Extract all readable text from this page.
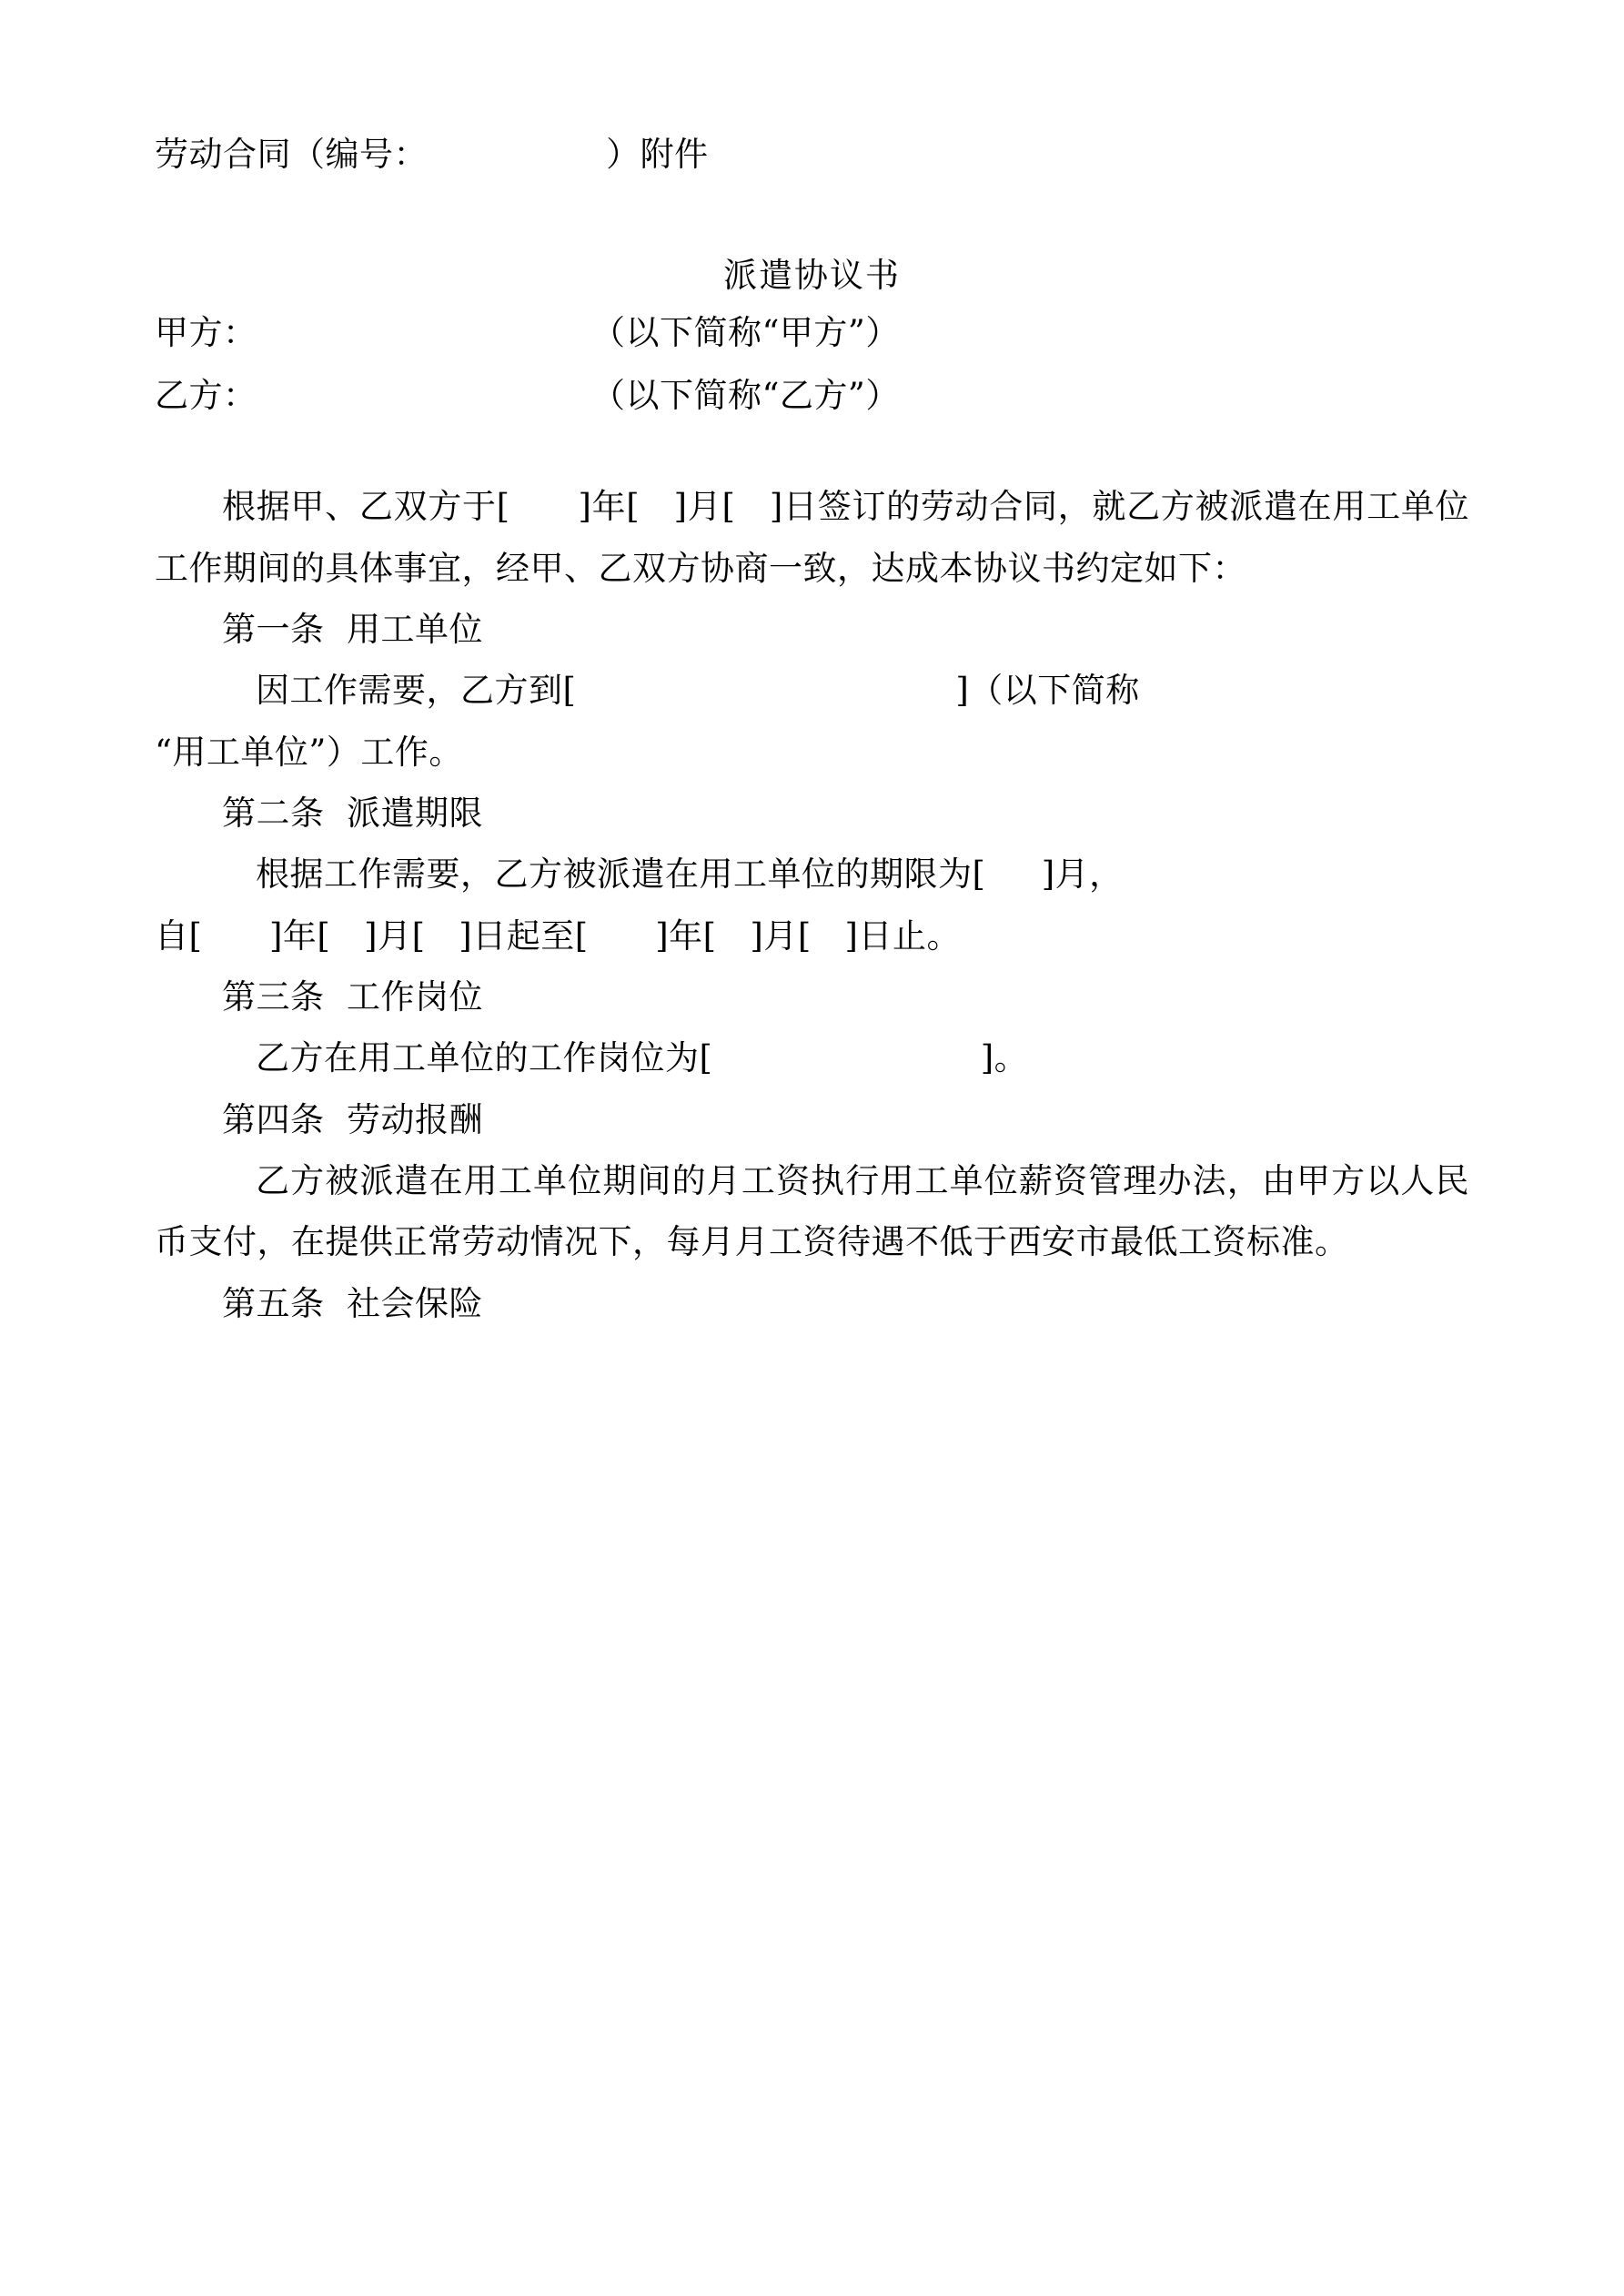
劳动合同（编号：                ）附件
派遣协议书
甲方：	（以下简称“甲方”）
乙方：	（以下简称“乙方”）
根据甲、乙双方于[      ]年[   ]月[   ]日签订的劳动合同，就乙方被派遣在用工单位工作期间的具体事宜，经甲、乙双方协商一致，达成本协议书约定如下：
第一条  用工单位
因工作需要，乙方到[                                  ]（以下简称
“用工单位”）工作。
第二条  派遣期限
根据工作需要，乙方被派遣在用工单位的期限为[     ]月，
自[      ]年[   ]月[   ]日起至[      ]年[   ]月[   ]日止。
第三条  工作岗位
乙方在用工单位的工作岗位为[                        ]。
第四条  劳动报酬
乙方被派遣在用工单位期间的月工资执行用工单位薪资管理办法，由甲方以人民币支付，在提供正常劳动情况下，每月月工资待遇不低于西安市最低工资标准。
第五条  社会保险
